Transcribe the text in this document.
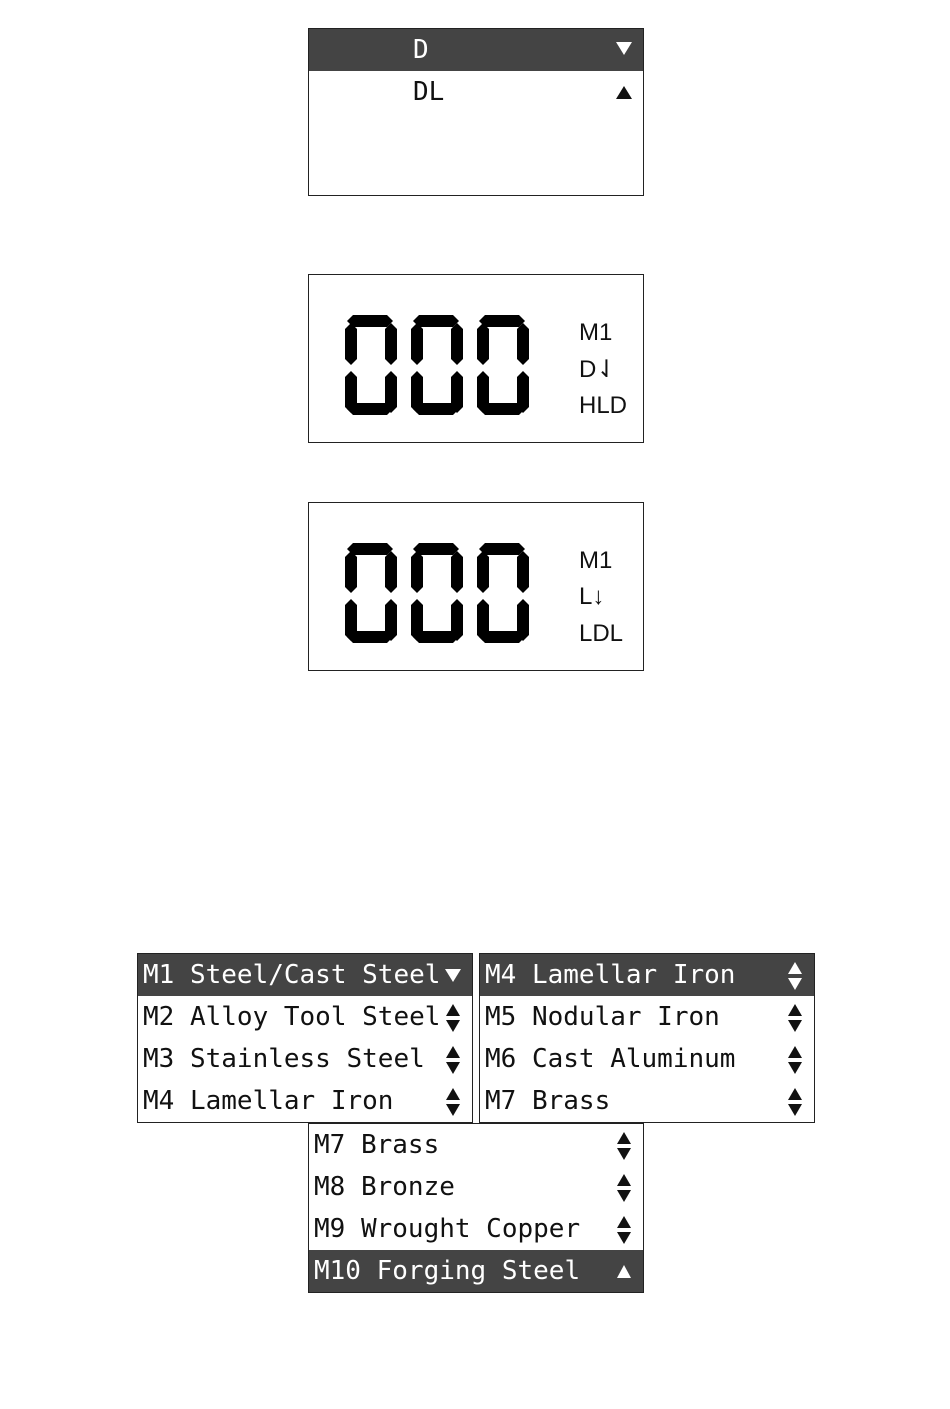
D
DL
M1
D⇃
HLD
M1
L↓
LDL
M1 Steel/Cast Steel
M2 Alloy Tool Steel
M3 Stainless Steel
M4 Lamellar Iron
M4 Lamellar Iron
M5 Nodular Iron
M6 Cast Aluminum
M7 Brass
M7 Brass
M8 Bronze
M9 Wrought Copper
M10 Forging Steel
